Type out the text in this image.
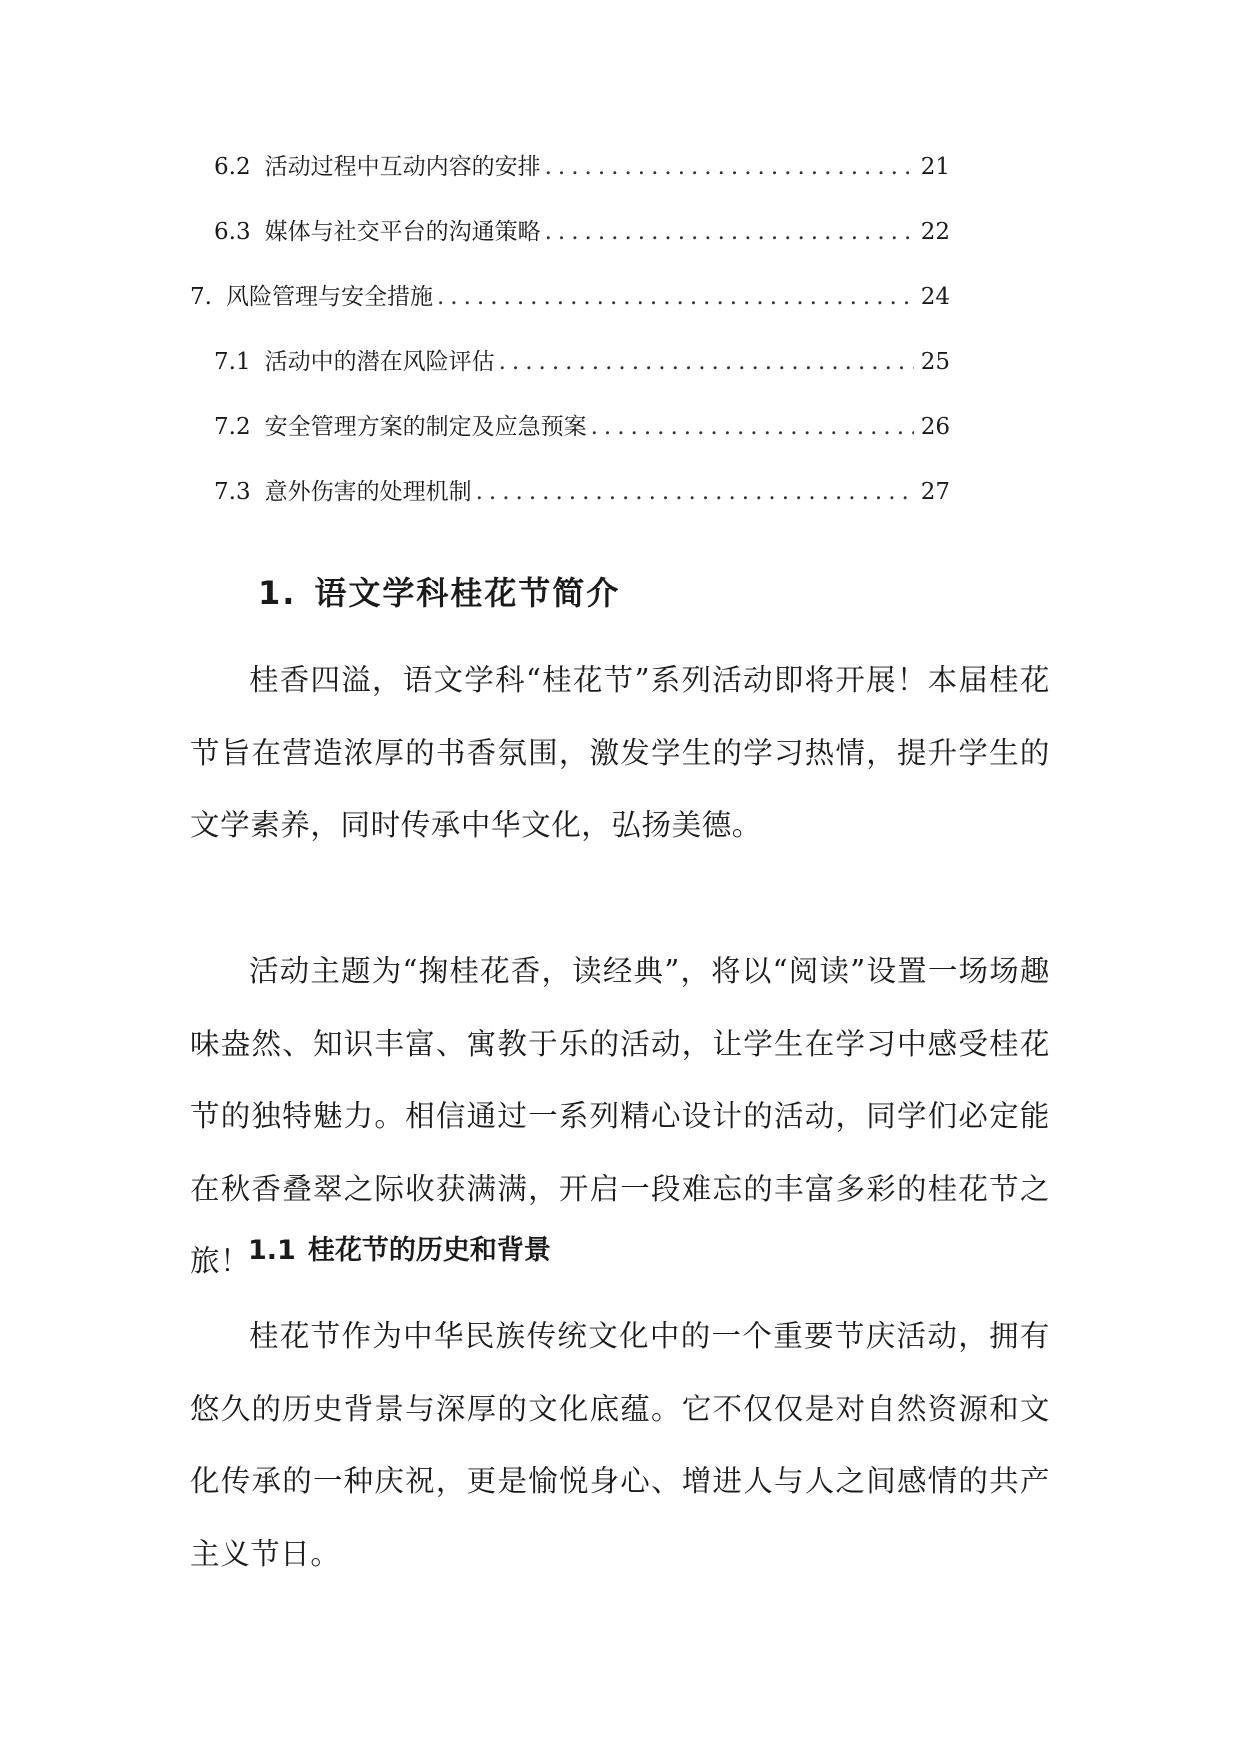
6.2 活动过程中互动内容的安排 .....	21
6.3 媒体与社交平台的沟通策略 .....	22
7. 风险管理与安全措施 .....	24
7.1 活动中的潜在风险评估 .....	25
7.2 安全管理方案的制定及应急预案 .....	26
7.3 意外伤害的处理机制 .....	27
1. 语文学科桂花节简介

桂香四溢，语文学科“桂花节”系列活动即将开展！本届桂花节旨在营造浓厚的书香氛围，激发学生的学习热情，提升学生的文学素养，同时传承中华文化，弘扬美德。

活动主题为“掬桂花香，读经典”，将以“阅读”设置一场场趣味盎然、知识丰富、寓教于乐的活动，让学生在学习中感受桂花节的独特魅力。相信通过一系列精心设计的活动，同学们必定能在秋香叠翠之际收获满满，开启一段难忘的丰富多彩的桂花节之旅！

1.1 桂花节的历史和背景

桂花节作为中华民族传统文化中的一个重要节庆活动，拥有悠久的历史背景与深厚的文化底蕴。它不仅仅是对自然资源和文化传承的一种庆祝，更是愉悦身心、增进人与人之间感情的共产主义节日。
